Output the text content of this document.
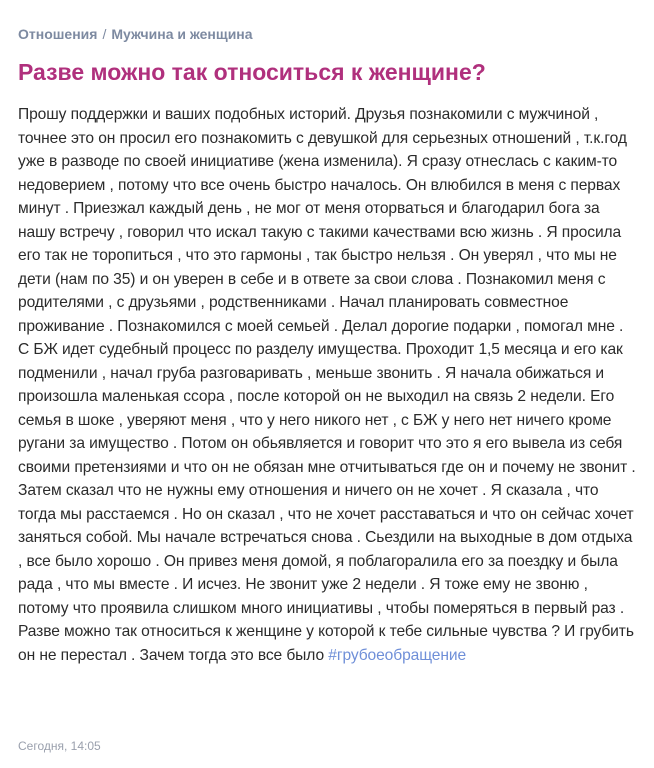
Отношения / Мужчина и женщина
Разве можно так относиться к женщине?

Прошу поддержки и ваших подобных историй. Друзья познакомили с мужчиной , точнее это он просил его познакомить с девушкой для серьезных отношений , т.к.год уже в разводе по своей инициативе (жена изменила). Я сразу отнеслась с каким-то недоверием , потому что все очень быстро началось. Он влюбился в меня с первах минут . Приезжал каждый день , не мог от меня оторваться и благодарил бога за нашу встречу , говорил что искал такую с такими качествами всю жизнь . Я просила его так не торопиться , что это гармоны , так быстро нельзя . Он уверял , что мы не дети (нам по 35) и он уверен в себе и в ответе за свои слова . Познакомил меня с родителями , с друзьями , родственниками . Начал планировать совместное проживание . Познакомился с моей семьей . Делал дорогие подарки , помогал мне . С БЖ идет судебный процесс по разделу имущества. Проходит 1,5 месяца и его как подменили , начал груба разговаривать , меньше звонить . Я начала обижаться и произошла маленькая ссора , после которой он не выходил на связь 2 недели. Его семья в шоке , уверяют меня , что у него никого нет , с БЖ у него нет ничего кроме ругани за имущество . Потом он обьявляется и говорит что это я его вывела из себя своими претензиями и что он не обязан мне отчитываться где он и почему не звонит . Затем сказал что не нужны ему отношения и ничего он не хочет . Я сказала , что тогда мы расстаемся . Но он сказал , что не хочет расставаться и что он сейчас хочет заняться собой. Мы начале встречаться снова . Сьездили на выходные в дом отдыха , все было хорошо . Он привез меня домой, я поблагоралила его за поездку и была рада , что мы вместе . И исчез. Не звонит уже 2 недели . Я тоже ему не звоню , потому что проявила слишком много инициативы , чтобы померяться в первый раз . Разве можно так относиться к женщине у которой к тебе сильные чувства ? И грубить он не перестал . Зачем тогда это все было #грубоеобращение

Сегодня, 14:05
